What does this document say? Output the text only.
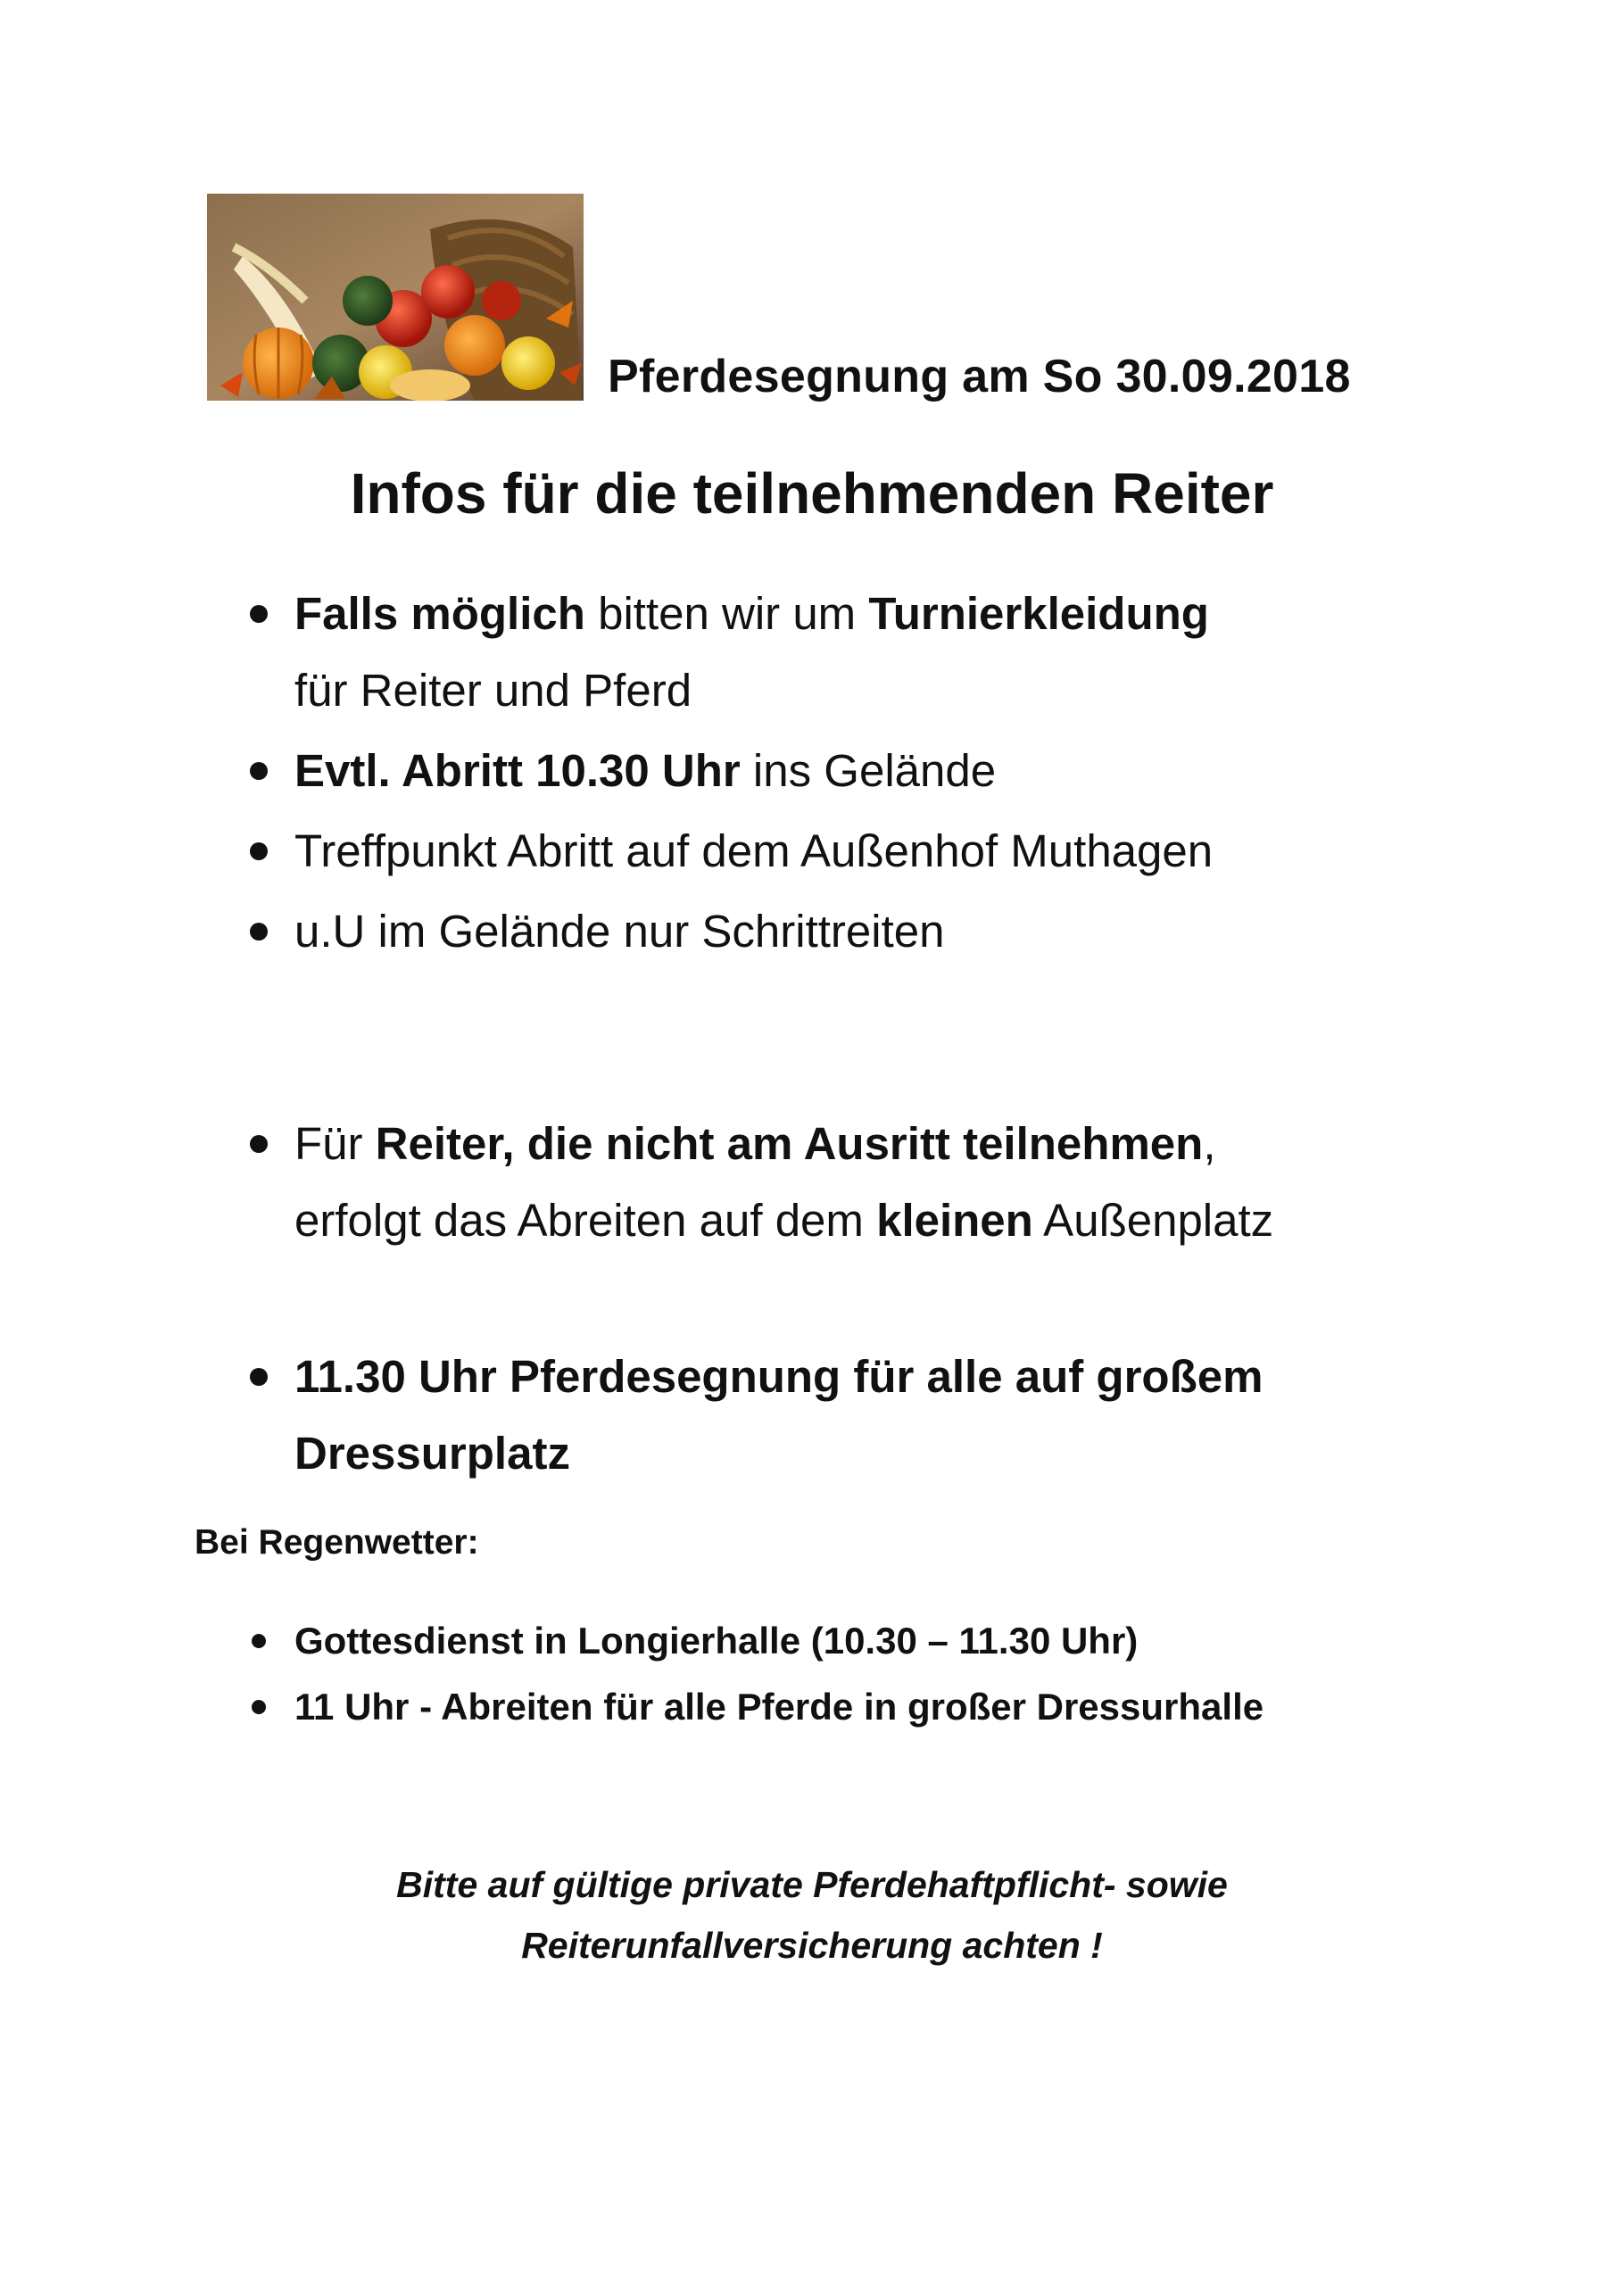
Pferdesegnung am So 30.09.2018
Infos für die teilnehmenden Reiter
Falls möglich bitten wir um Turnierkleidung
für Reiter und Pferd
Evtl. Abritt 10.30 Uhr ins Gelände
Treffpunkt Abritt auf dem Außenhof Muthagen
u.U im Gelände nur Schrittreiten
Für Reiter, die nicht am Ausritt teilnehmen,
erfolgt das Abreiten auf dem kleinen Außenplatz
11.30 Uhr Pferdesegnung für alle auf großem
Dressurplatz
Bei Regenwetter:
Gottesdienst in Longierhalle (10.30 – 11.30 Uhr)
11 Uhr - Abreiten für alle Pferde in großer Dressurhalle
Bitte auf gültige private Pferdehaftpflicht- sowie
Reiterunfallversicherung achten !
